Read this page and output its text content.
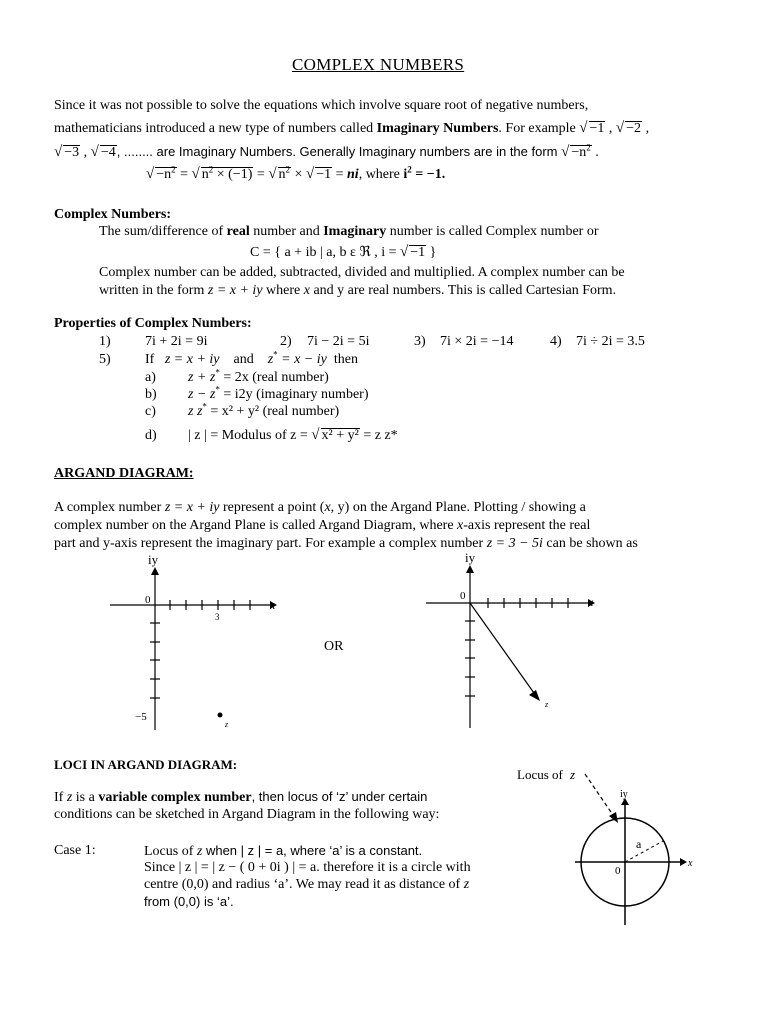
COMPLEX NUMBERS
Since it was not possible to solve the equations which involve square root of negative numbers,
mathematicians introduced a new type of numbers called Imaginary Numbers. For example √ −1 , √ −2 ,
√ −3 , √ −4, ........ are Imaginary Numbers. Generally Imaginary numbers are in the form √ $-n^2$ .
√ $-n^2$ = √ $n^2 \times (-1)$ = √ $n^2$ × √ −1 = ni, where $i^2 = -1$.
Complex Numbers:
The sum/difference of real number and Imaginary number is called Complex number or
C = { a + ib | a, b ε ℜ , i = √ −1 }
Complex number can be added, subtracted, divided and multiplied. A complex number can be
written in the form z = x + iy where x and y are real numbers. This is called Cartesian Form.
Properties of Complex Numbers:
1) 7i + 2i = 9i	2) 7i − 2i = 5i	3) 7i × 2i = −14	4) 7i ÷ 2i = 3.5
5) If z = x + iy and z* = x − iy then
a) z + z* = 2x (real number)
b) z − z* = i2y (imaginary number)
c) z z* = x² + y² (real number)
d) | z | = Modulus of z = √ x² + y² = z z*
ARGAND DIAGRAM:
A complex number z = x + iy represent a point (x, y) on the Argand Plane. Plotting / showing a
complex number on the Argand Plane is called Argand Diagram, where x-axis represent the real
part and y-axis represent the imaginary part. For example a complex number z = 3 − 5i can be shown as
iy
0	x
3
−5
z
OR
iy
0	x
z
LOCI IN ARGAND DIAGRAM:
If z is a variable complex number, then locus of ‘z’ under certain
conditions can be sketched in Argand Diagram in the following way:
Case 1:	Locus of z when | z | = a, where ‘a’ is a constant.
Since | z | = | z − ( 0 + 0i ) | = a. therefore it is a circle with
centre (0,0) and radius ‘a’. We may read it as distance of z
from (0,0) is ‘a’.
Locus of z
iy
a
0
x
